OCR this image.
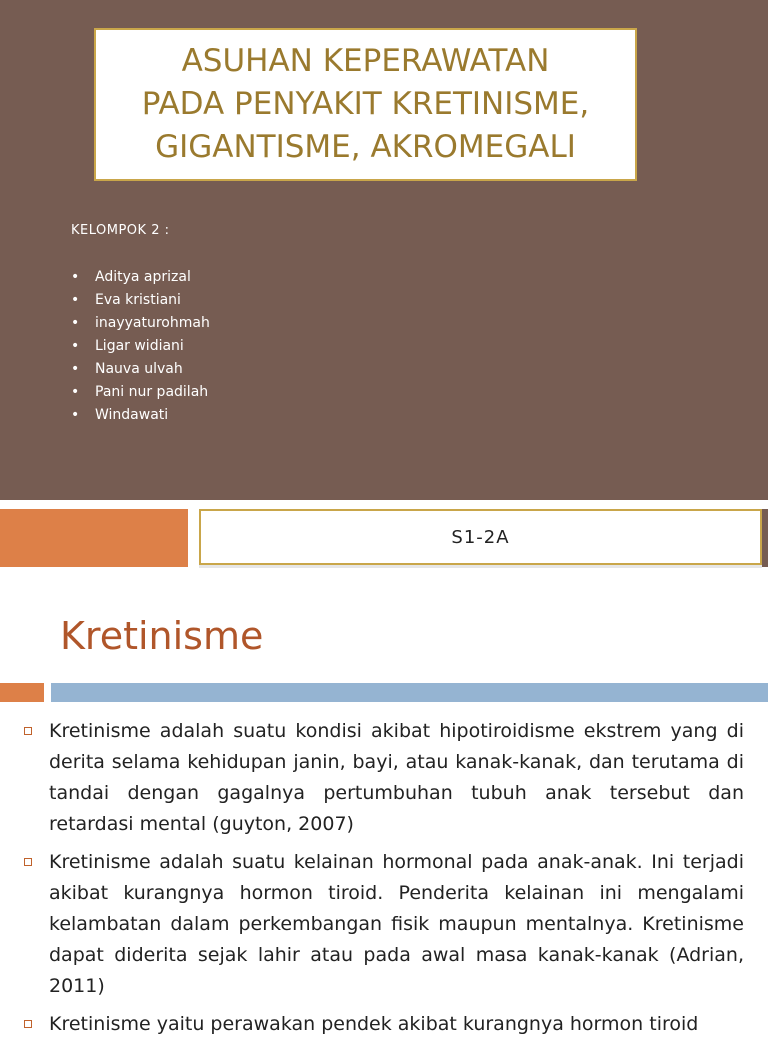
ASUHAN KEPERAWATAN
PADA PENYAKIT KRETINISME,
GIGANTISME, AKROMEGALI
KELOMPOK 2 :
• Aditya aprizal
• Eva kristiani
• inayyaturohmah
• Ligar widiani
• Nauva ulvah
• Pani nur padilah
• Windawati
S1-2A
Kretinisme
Kretinisme adalah suatu kondisi akibat hipotiroidisme ekstrem yang di derita selama kehidupan janin, bayi, atau kanak-kanak, dan terutama di tandai dengan gagalnya pertumbuhan tubuh anak tersebut dan retardasi mental (guyton, 2007)
Kretinisme adalah suatu kelainan hormonal pada anak-anak. Ini terjadi akibat kurangnya hormon tiroid. Penderita kelainan ini mengalami kelambatan dalam perkembangan fisik maupun mentalnya. Kretinisme dapat diderita sejak lahir atau pada awal masa kanak-kanak (Adrian, 2011)
Kretinisme yaitu perawakan pendek akibat kurangnya hormon tiroid
